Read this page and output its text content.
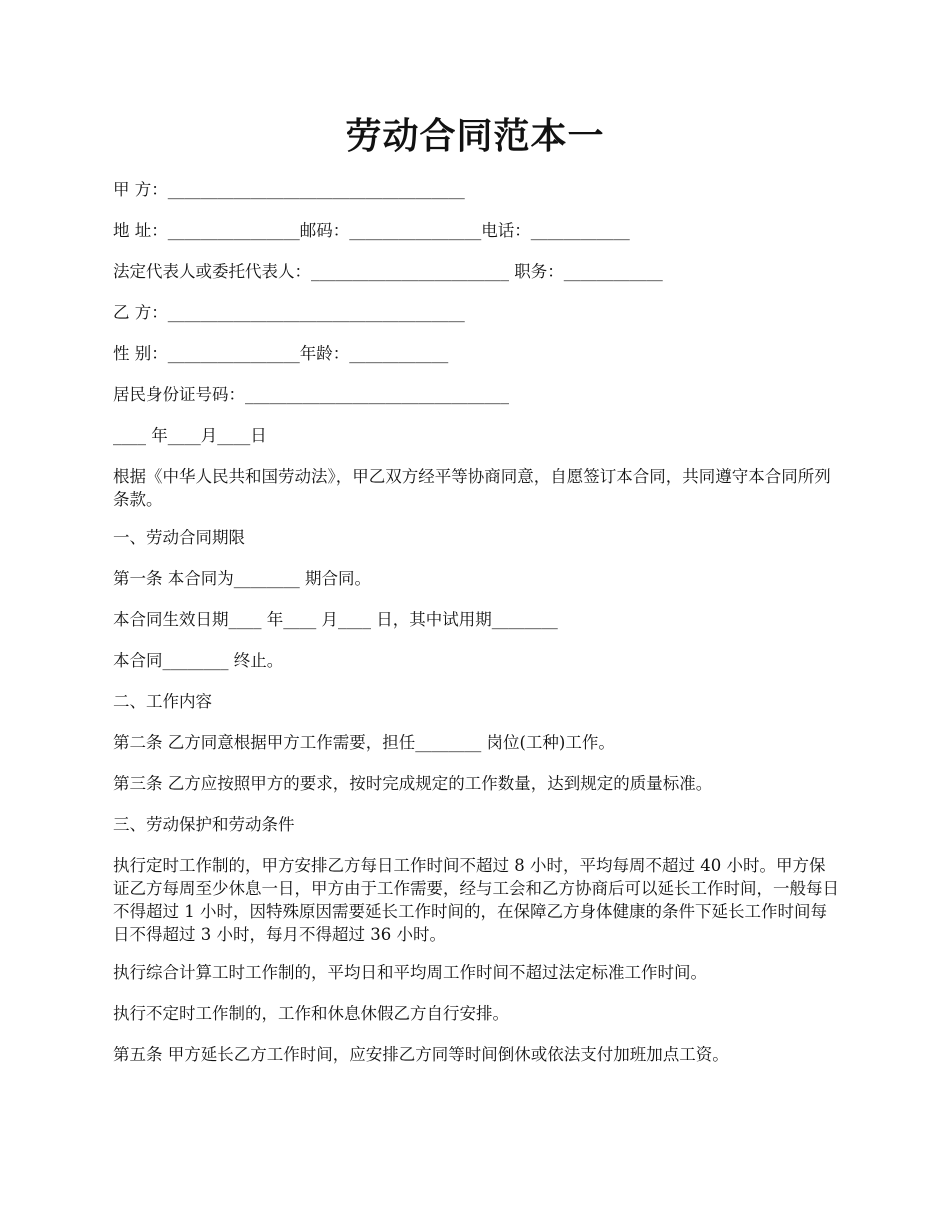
劳动合同范本一

甲 方：____________________________________

地 址：________________邮码：________________电话：____________

法定代表人或委托代表人：________________________ 职务：____________

乙 方：____________________________________

性 别：________________年龄：____________

居民身份证号码：________________________________

____ 年____月____日

根据《中华人民共和国劳动法》，甲乙双方经平等协商同意，自愿签订本合同，共同遵守本合同所列条款。

一、劳动合同期限

第一条 本合同为________ 期合同。

本合同生效日期____ 年____ 月____ 日，其中试用期________

本合同________ 终止。

二、工作内容

第二条 乙方同意根据甲方工作需要，担任________ 岗位(工种)工作。

第三条 乙方应按照甲方的要求，按时完成规定的工作数量，达到规定的质量标准。

三、劳动保护和劳动条件

执行定时工作制的，甲方安排乙方每日工作时间不超过 8 小时，平均每周不超过 40 小时。甲方保证乙方每周至少休息一日，甲方由于工作需要，经与工会和乙方协商后可以延长工作时间，一般每日不得超过 1 小时，因特殊原因需要延长工作时间的，在保障乙方身体健康的条件下延长工作时间每日不得超过 3 小时，每月不得超过 36 小时。

执行综合计算工时工作制的，平均日和平均周工作时间不超过法定标准工作时间。

执行不定时工作制的，工作和休息休假乙方自行安排。

第五条 甲方延长乙方工作时间，应安排乙方同等时间倒休或依法支付加班加点工资。
